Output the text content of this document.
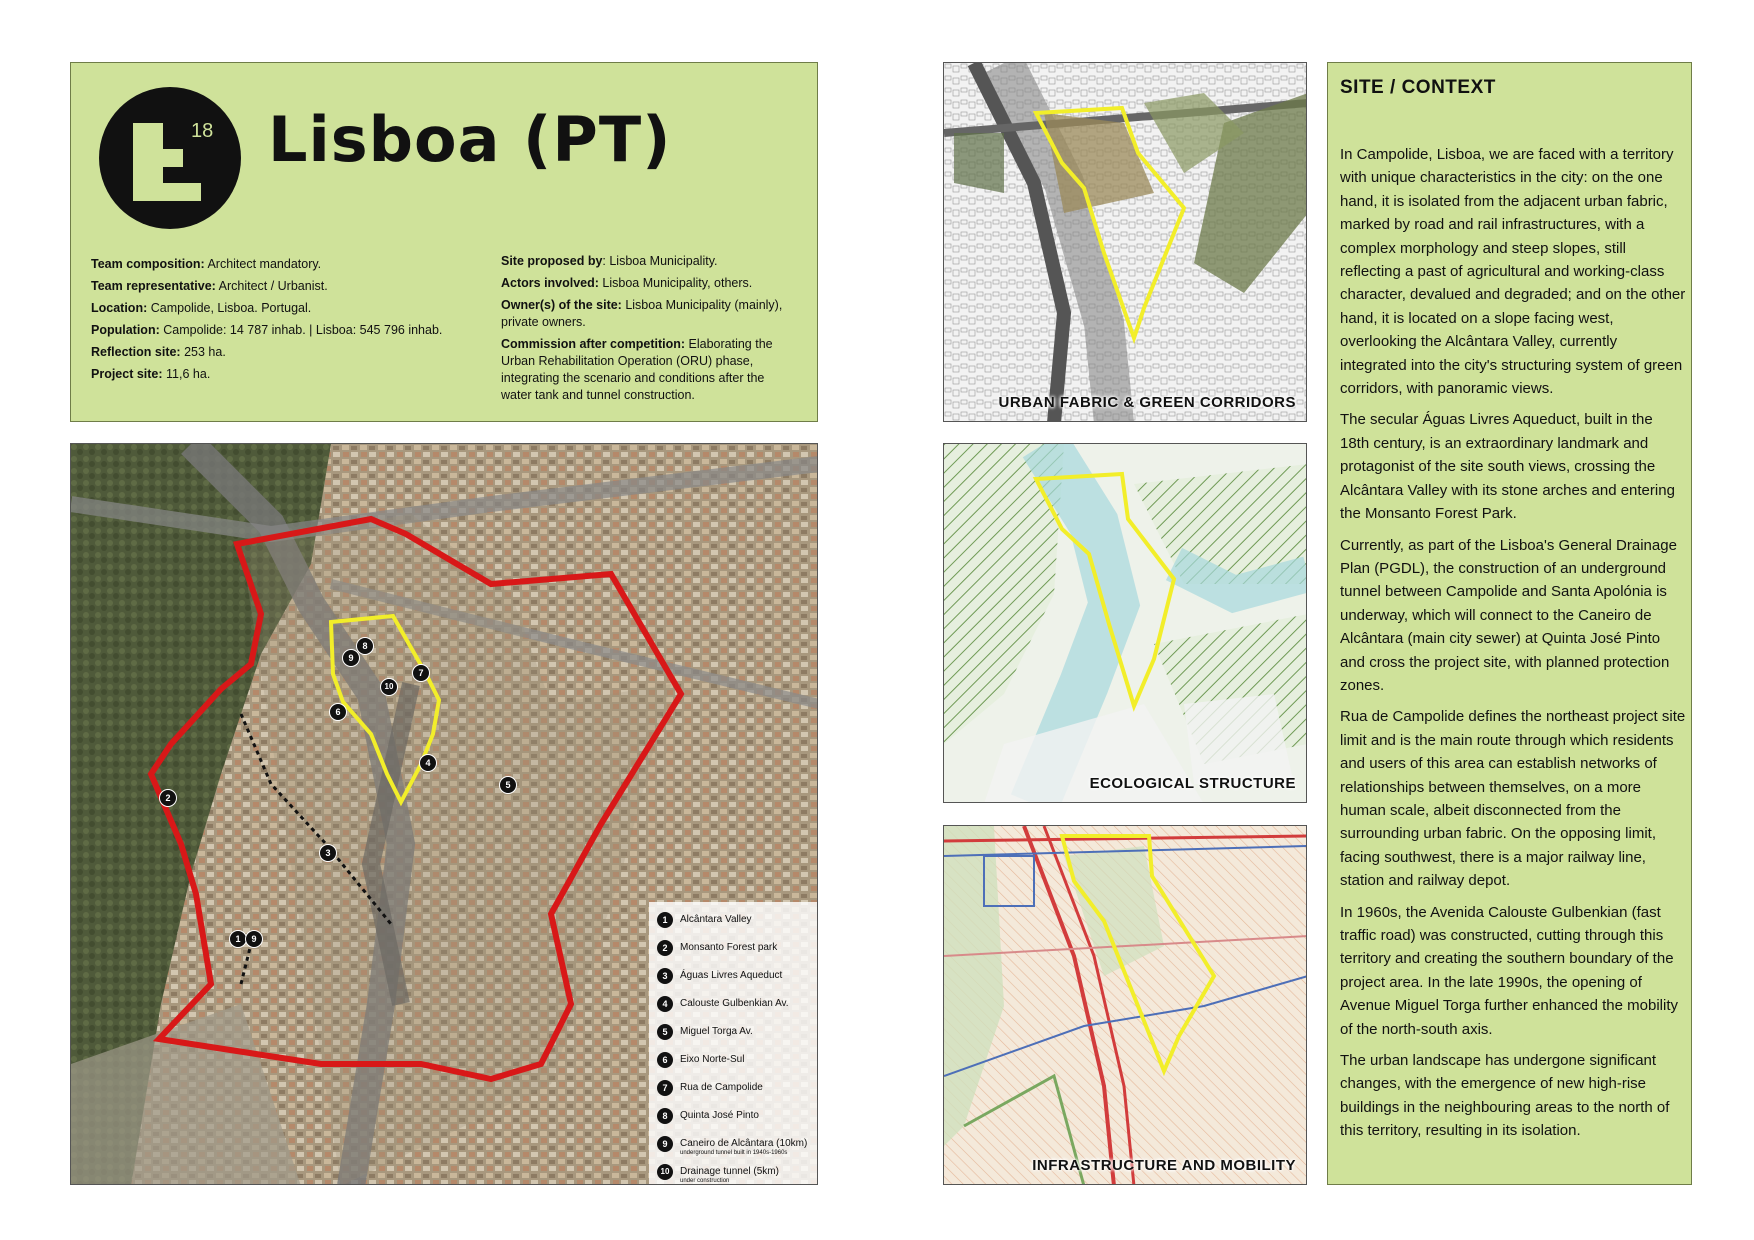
18 Lisboa (PT)

Team composition: Architect mandatory.

Team representative: Architect / Urbanist.

Location: Campolide, Lisboa. Portugal.

Population: Campolide: 14 787 inhab. | Lisboa: 545 796 inhab.

Reflection site: 253 ha.

Project site: 11,6 ha.

Site proposed by: Lisboa Municipality.

Actors involved: Lisboa Municipality, others.

Owner(s) of the site: Lisboa Municipality (mainly), private owners.

Commission after competition: Elaborating the Urban Rehabilitation Operation (ORU) phase, integrating the scenario and conditions after the water tank and tunnel construction.

1	9
2
3
4
5
6
7
8
9
10
1	Alcântara Valley
2	Monsanto Forest park
3	Águas Livres Aqueduct
4	Calouste Gulbenkian Av.
5	Miguel Torga Av.
6	Eixo Norte-Sul
7	Rua de Campolide
8	Quinta José Pinto
9	Caneiro de Alcântara (10km)
underground tunnel built in 1940s-1960s
10	Drainage tunnel (5km)
under construction
URBAN FABRIC & GREEN CORRIDORS
ECOLOGICAL STRUCTURE
INFRASTRUCTURE AND MOBILITY
SITE / CONTEXT

In Campolide, Lisboa, we are faced with a territory with unique characteristics in the city: on the one hand, it is isolated from the adjacent urban fabric, marked by road and rail infrastructures, with a complex morphology and steep slopes, still reflecting a past of agricultural and working-class character, devalued and degraded; and on the other hand, it is located on a slope facing west, overlooking the Alcântara Valley, currently integrated into the city's structuring system of green corridors, with panoramic views.

The secular Águas Livres Aqueduct, built in the 18th century, is an extraordinary landmark and protagonist of the site south views, crossing the Alcântara Valley with its stone arches and entering the Monsanto Forest Park.

Currently, as part of the Lisboa's General Drainage Plan (PGDL), the construction of an underground tunnel between Campolide and Santa Apolónia is underway, which will connect to the Caneiro de Alcântara (main city sewer) at Quinta José Pinto and cross the project site, with planned protection zones.

Rua de Campolide defines the northeast project site limit and is the main route through which residents and users of this area can establish networks of relationships between themselves, on a more human scale, albeit disconnected from the surrounding urban fabric. On the opposing limit, facing southwest, there is a major railway line, station and railway depot.

In 1960s, the Avenida Calouste Gulbenkian (fast traffic road) was constructed, cutting through this territory and creating the southern boundary of the project area. In the late 1990s, the opening of Avenue Miguel Torga further enhanced the mobility of the north-south axis.

The urban landscape has undergone significant changes, with the emergence of new high-rise buildings in the neighbouring areas to the north of this territory, resulting in its isolation.
